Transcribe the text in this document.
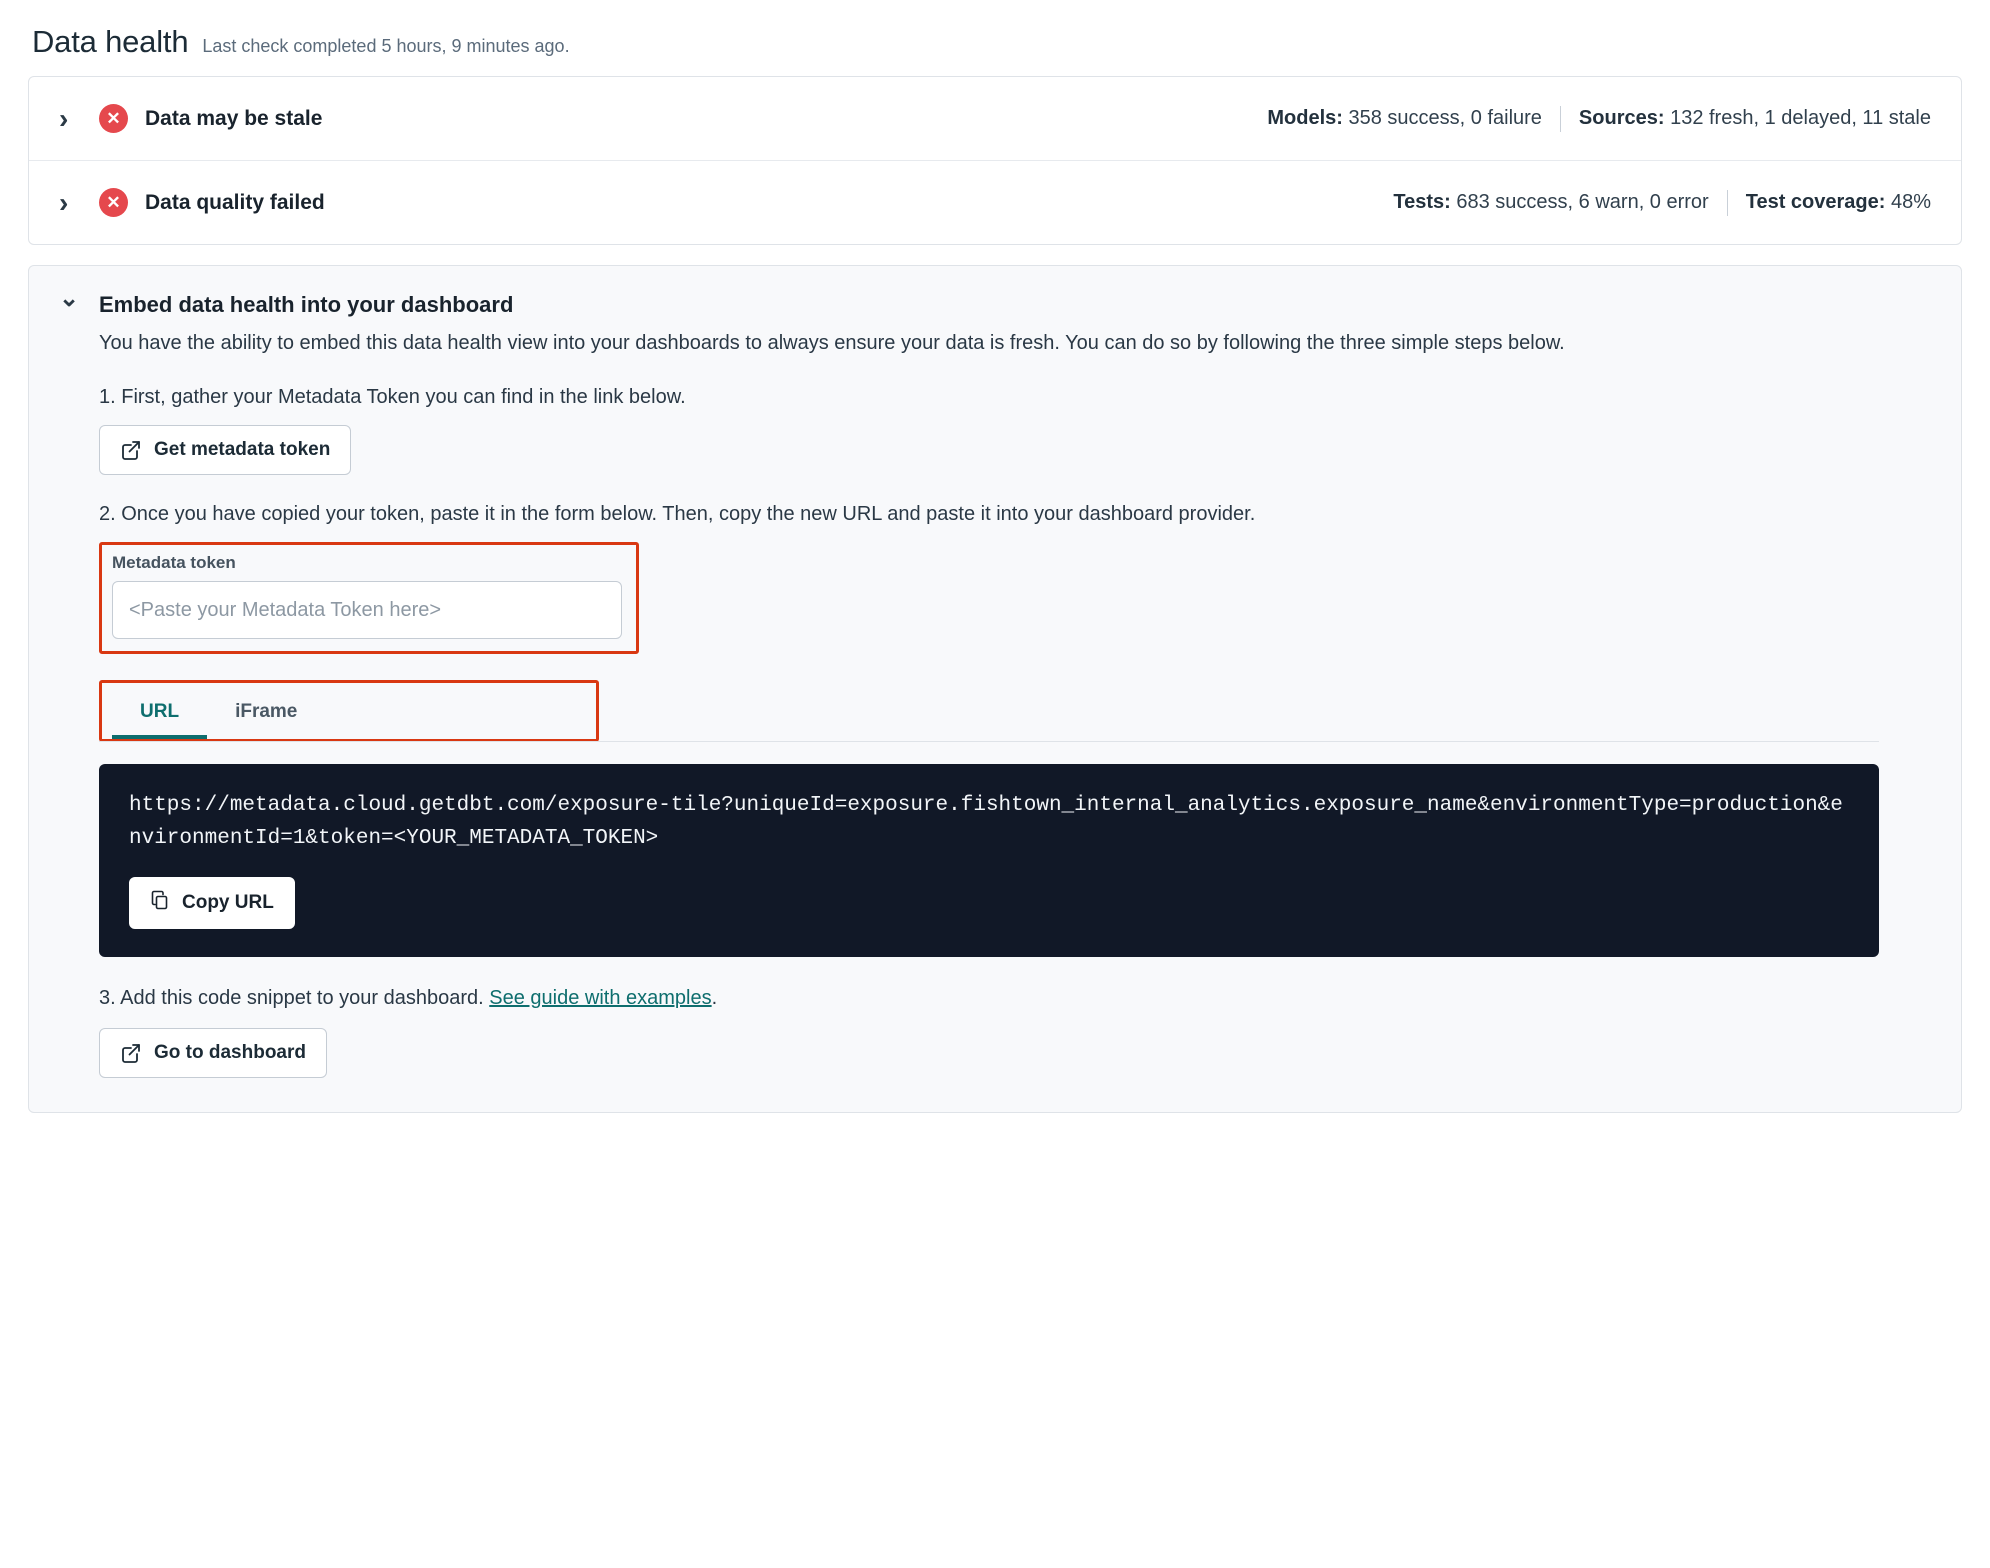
Data health Last check completed 5 hours, 9 minutes ago.
›
✕	Data may be stale	Models: 358 success, 0 failure Sources: 132 fresh, 1 delayed, 11 stale
›
✕	Data quality failed	Tests: 683 success, 6 warn, 0 error Test coverage: 48%
⌄
Embed data health into your dashboard

You have the ability to embed this data health view into your dashboards to always ensure your data is fresh. You can do so by following the three simple steps below.

1. First, gather your Metadata Token you can find in the link below.

Get metadata token

2. Once you have copied your token, paste it in the form below. Then, copy the new URL and paste it into your dashboard provider.

Metadata token
<Paste your Metadata Token here>
URL	iFrame
https://metadata.cloud.getdbt.com/exposure-tile?uniqueId=exposure.fishtown_internal_analytics.exposure_name&environmentType=production&environmentId=1&token=<YOUR_METADATA_TOKEN>
Copy URL

3. Add this code snippet to your dashboard. See guide with examples.

Go to dashboard
